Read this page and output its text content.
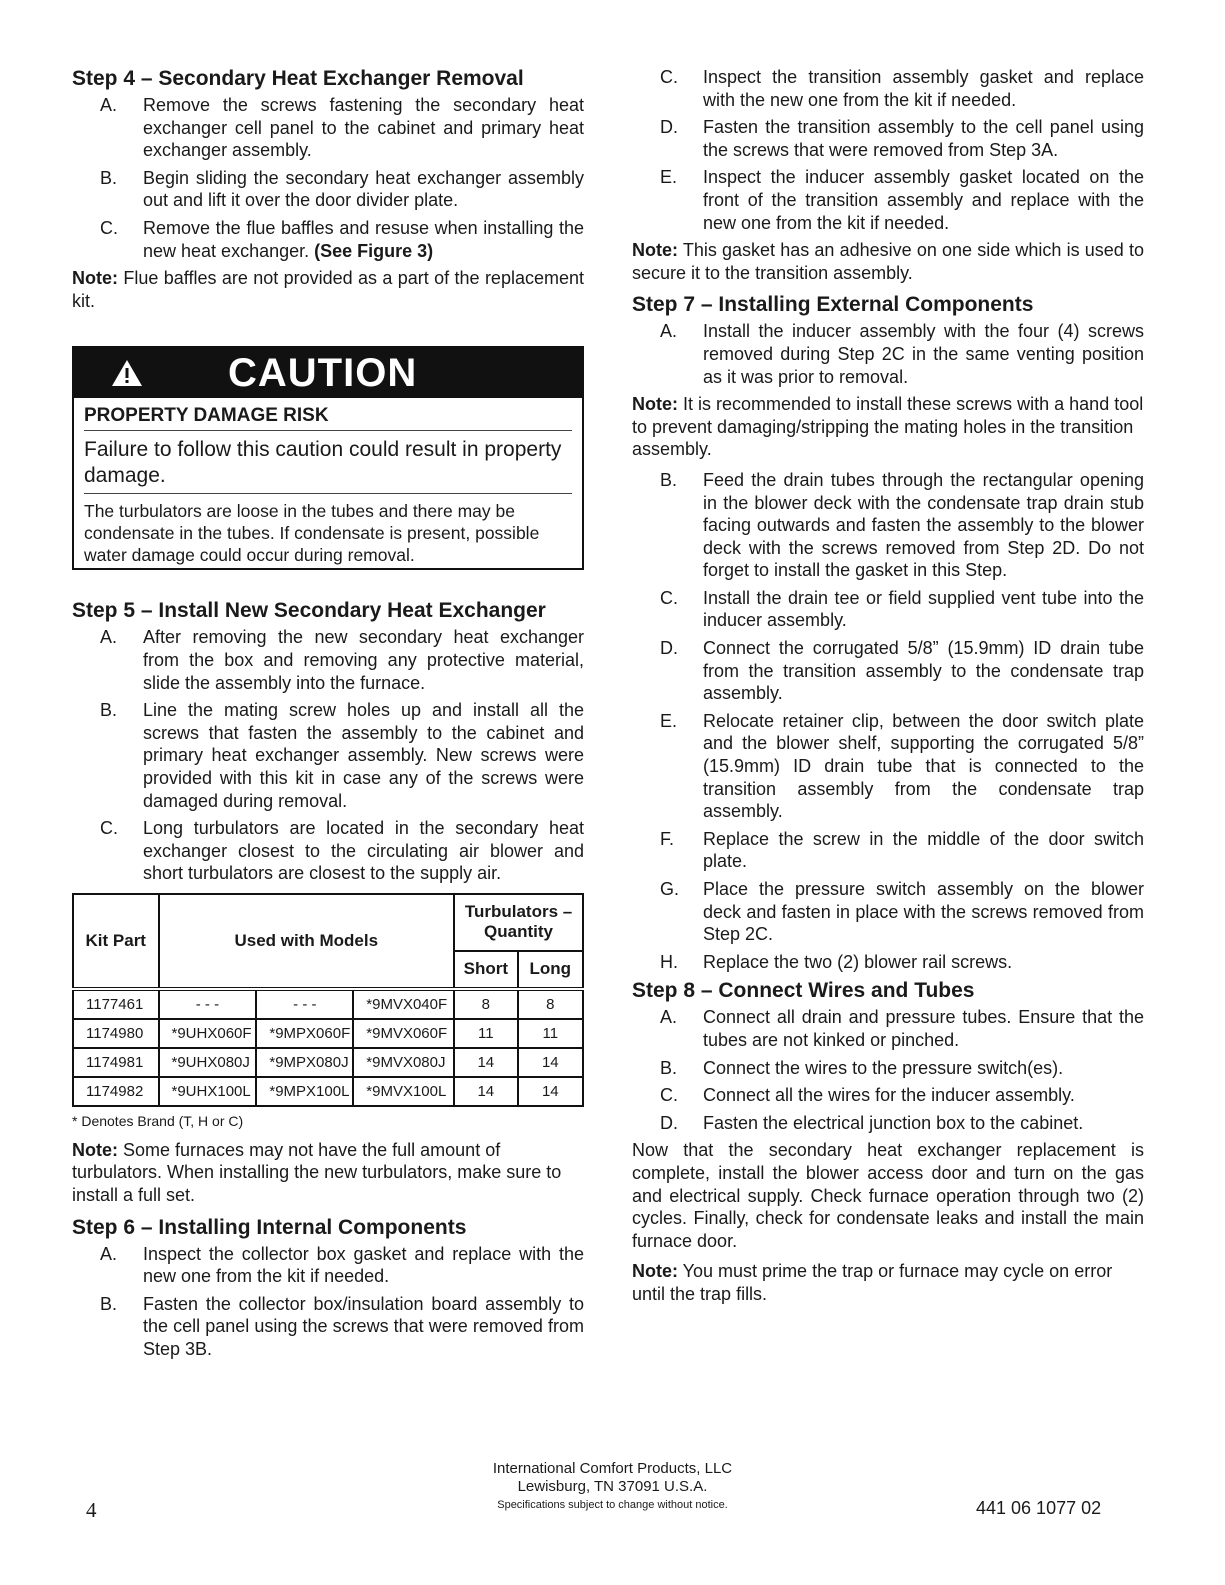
Step 4 – Secondary Heat Exchanger Removal

A.	Remove the screws fastening the secondary heat exchanger cell panel to the cabinet and primary heat exchanger assembly.
B.	Begin sliding the secondary heat exchanger assembly out and lift it over the door divider plate.
C.	Remove the flue baffles and resuse when installing the new heat exchanger. (See Figure 3)

Note: Flue baffles are not provided as a part of the replacement kit.

CAUTION
PROPERTY DAMAGE RISK
Failure to follow this caution could result in property damage.
The turbulators are loose in the tubes and there may be condensate in the tubes. If condensate is present, possible water damage could occur during removal.

Step 5 – Install New Secondary Heat Exchanger

A.	After removing the new secondary heat exchanger from the box and removing any protective material, slide the assembly into the furnace.
B.	Line the mating screw holes up and install all the screws that fasten the assembly to the cabinet and primary heat exchanger assembly. New screws were provided with this kit in case any of the screws were damaged during removal.
C.	Long turbulators are located in the secondary heat exchanger closest to the circulating air blower and short turbulators are closest to the supply air.
Kit Part	Used with Models			Turbulators – Quantity	
				Short	Long
1177461	- - -	- - -	*9MVX040F	8	8
1174980	*9UHX060F	*9MPX060F	*9MVX060F	11	11
1174981	*9UHX080J	*9MPX080J	*9MVX080J	14	14
1174982	*9UHX100L	*9MPX100L	*9MVX100L	14	14

* Denotes Brand (T, H or C)

Note: Some furnaces may not have the full amount of turbulators. When installing the new turbulators, make sure to install a full set.

Step 6 – Installing Internal Components

A.	Inspect the collector box gasket and replace with the new one from the kit if needed.
B.	Fasten the collector box/insulation board assembly to the cell panel using the screws that were removed from Step 3B.
C.	Inspect the transition assembly gasket and replace with the new one from the kit if needed.
D.	Fasten the transition assembly to the cell panel using the screws that were removed from Step 3A.
E.	Inspect the inducer assembly gasket located on the front of the transition assembly and replace with the new one from the kit if needed.

Note: This gasket has an adhesive on one side which is used to secure it to the transition assembly.

Step 7 – Installing External Components

A.	Install the inducer assembly with the four (4) screws removed during Step 2C in the same venting position as it was prior to removal.

Note: It is recommended to install these screws with a hand tool to prevent damaging/stripping the mating holes in the transition assembly.

B.	Feed the drain tubes through the rectangular opening in the blower deck with the condensate trap drain stub facing outwards and fasten the assembly to the blower deck with the screws removed from Step 2D. Do not forget to install the gasket in this Step.
C.	Install the drain tee or field supplied vent tube into the inducer assembly.
D.	Connect the corrugated 5/8” (15.9mm) ID drain tube from the transition assembly to the condensate trap assembly.
E.	Relocate retainer clip, between the door switch plate and the blower shelf, supporting the corrugated 5/8” (15.9mm) ID drain tube that is connected to the transition assembly from the condensate trap assembly.
F.	Replace the screw in the middle of the door switch plate.
G.	Place the pressure switch assembly on the blower deck and fasten in place with the screws removed from Step 2C.
H.	Replace the two (2) blower rail screws.

Step 8 – Connect Wires and Tubes

A.	Connect all drain and pressure tubes. Ensure that the tubes are not kinked or pinched.
B.	Connect the wires to the pressure switch(es).
C.	Connect all the wires for the inducer assembly.
D.	Fasten the electrical junction box to the cabinet.

Now that the secondary heat exchanger replacement is complete, install the blower access door and turn on the gas and electrical supply. Check furnace operation through two (2) cycles. Finally, check for condensate leaks and install the main furnace door.

Note: You must prime the trap or furnace may cycle on error until the trap fills.

International Comfort Products, LLC
Lewisburg, TN 37091 U.S.A.
Specifications subject to change without notice.
4	441 06 1077 02
